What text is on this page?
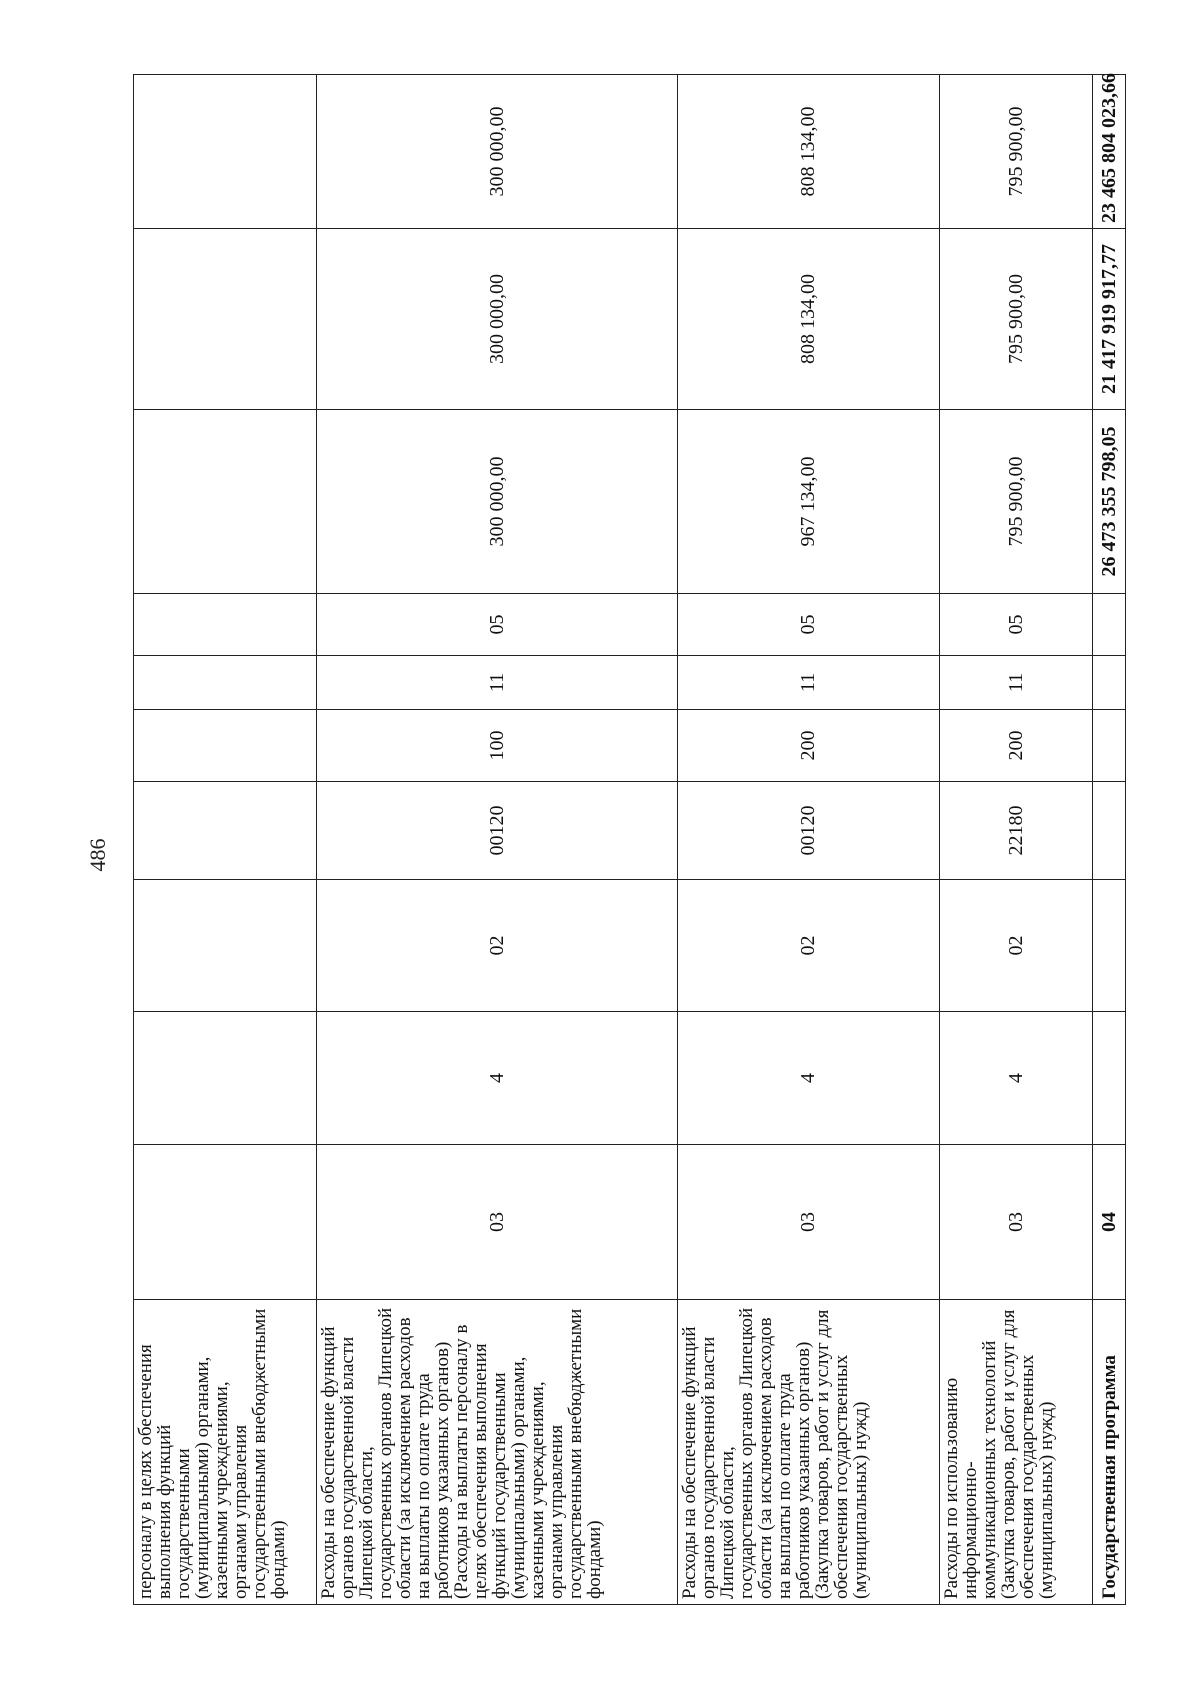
486
персоналу в целях обеспечения выполнения функций государственными (муниципальными) органами, казенными учреждениями, органами управления государственными внебюджетными фондами)										
Расходы на обеспечение функций органов государственной власти Липецкой области, государственных органов Липецкой области (за исключением расходов на выплаты по оплате труда работников указанных органов) (Расходы на выплаты персоналу в целях обеспечения выполнения функций государственными (муниципальными) органами, казенными учреждениями, органами управления государственными внебюджетными фондами)	03	4	02	00120	100	11	05	300 000,00	300 000,00	300 000,00
Расходы на обеспечение функций органов государственной власти Липецкой области, государственных органов Липецкой области (за исключением расходов на выплаты по оплате труда работников указанных органов) (Закупка товаров, работ и услуг для обеспечения государственных (муниципальных) нужд)	03	4	02	00120	200	11	05	967 134,00	808 134,00	808 134,00
Расходы по использованию информационно-коммуникационных технологий (Закупка товаров, работ и услуг для обеспечения государственных (муниципальных) нужд)	03	4	02	22180	200	11	05	795 900,00	795 900,00	795 900,00
Государственная программа	04							26 473 355 798,05	21 417 919 917,77	23 465 804 023,66
